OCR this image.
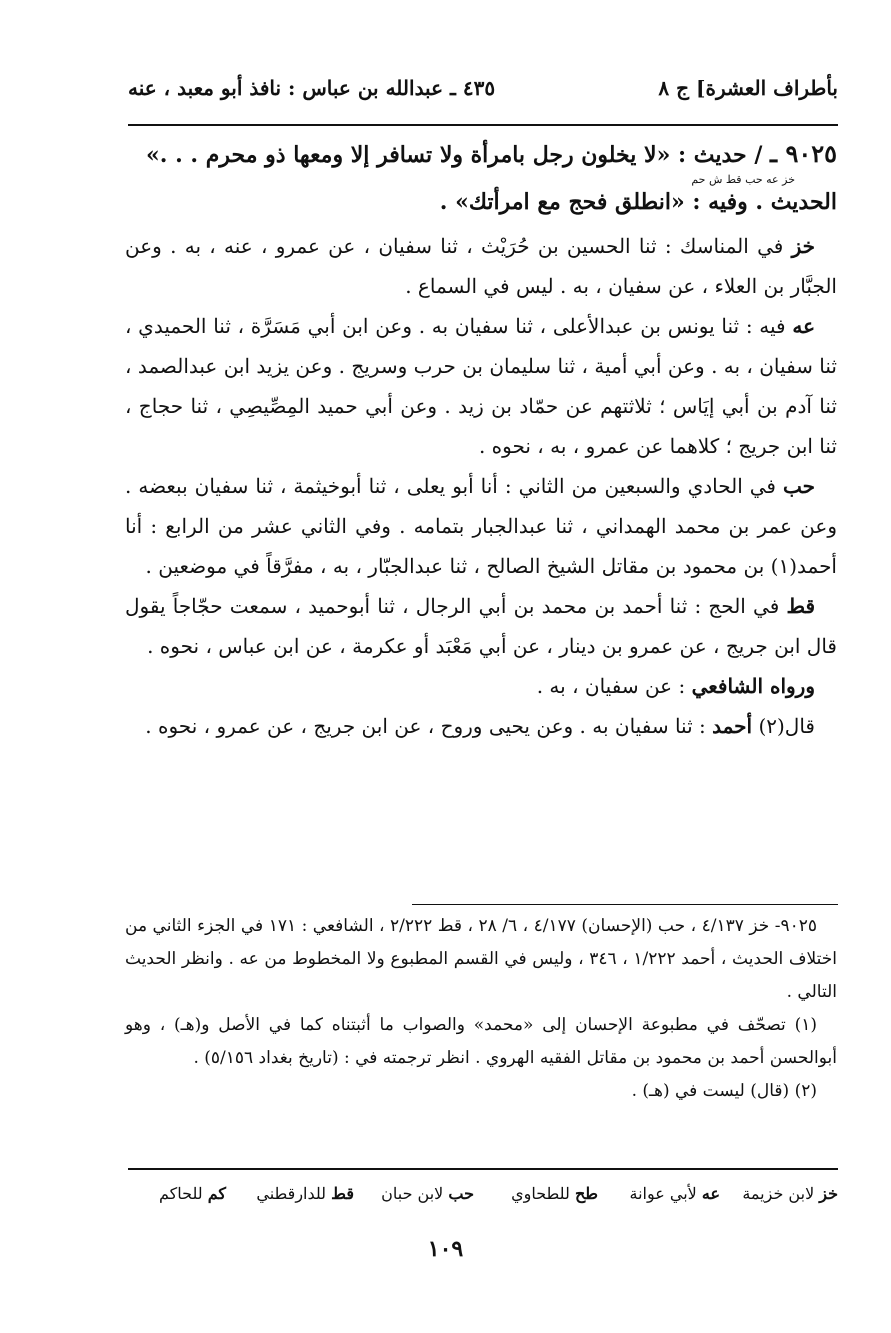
بأطراف العشرة] ج ٨
٤٣٥ ـ عبدالله بن عباس : نافذ أبو معبد ، عنه
٩٠٢٥ ـ / حديث : «لا يخلون رجل بامرأة ولا تسافر إلا ومعها ذو محرم . . .»
خز عه حب قط ش حم
الحديث . وفيه : «انطلق فحج مع امرأتك» .

خز في المناسك : ثنا الحسين بن حُرَيْث ، ثنا سفيان ، عن عمرو ، عنه ، به . وعن الجبَّار بن العلاء ، عن سفيان ، به . ليس في السماع .

عه فيه : ثنا يونس بن عبدالأعلى ، ثنا سفيان به . وعن ابن أبي مَسَرَّة ، ثنا الحميدي ، ثنا سفيان ، به . وعن أبي أمية ، ثنا سليمان بن حرب وسريج . وعن يزيد ابن عبدالصمد ، ثنا آدم بن أبي إيَاس ؛ ثلاثتهم عن حمّاد بن زيد . وعن أبي حميد المِصِّيصِي ، ثنا حجاج ، ثنا ابن جريج ؛ كلاهما عن عمرو ، به ، نحوه .

حب في الحادي والسبعين من الثاني : أنا أبو يعلى ، ثنا أبوخيثمة ، ثنا سفيان ببعضه . وعن عمر بن محمد الهمداني ، ثنا عبدالجبار بتمامه . وفي الثاني عشر من الرابع : أنا أحمد(١) بن محمود بن مقاتل الشيخ الصالح ، ثنا عبدالجبّار ، به ، مفرَّقاً في موضعين .

قط في الحج : ثنا أحمد بن محمد بن أبي الرجال ، ثنا أبوحميد ، سمعت حجّاجاً يقول قال ابن جريج ، عن عمرو بن دينار ، عن أبي مَعْبَد أو عكرمة ، عن ابن عباس ، نحوه .

ورواه الشافعي : عن سفيان ، به .

قال(٢) أحمد : ثنا سفيان به . وعن يحيى وروح ، عن ابن جريج ، عن عمرو ، نحوه .

٩٠٢٥- خز ٤/١٣٧ ، حب (الإحسان) ٤/١٧٧ ، ٦/ ٢٨ ، قط ٢/٢٢٢ ، الشافعي : ١٧١ في الجزء الثاني من اختلاف الحديث ، أحمد ١/٢٢٢ ، ٣٤٦ ، وليس في القسم المطبوع ولا المخطوط من عه . وانظر الحديث التالي .

(١) تصحّف في مطبوعة الإحسان إلى «محمد» والصواب ما أثبتناه كما في الأصل و(هـ) ، وهو أبوالحسن أحمد بن محمود بن مقاتل الفقيه الهروي . انظر ترجمته في : (تاريخ بغداد ٥/١٥٦) .

(٢) (قال) ليست في (هـ) .

خز لابن خزيمة
عه لأبي عوانة
طح للطحاوي
حب لابن حبان
قط للدارقطني
كم للحاكم
١٠٩
